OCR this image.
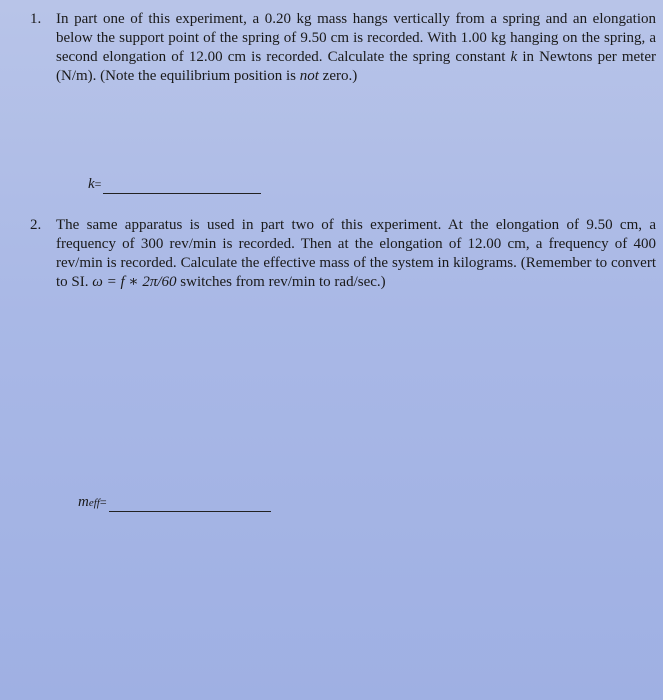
1. In part one of this experiment, a 0.20 kg mass hangs vertically from a spring and an elongation below the support point of the spring of 9.50 cm is recorded. With 1.00 kg hanging on the spring, a second elongation of 12.00 cm is recorded. Calculate the spring constant k in Newtons per meter (N/m). (Note the equilibrium position is not zero.)
k=
2. The same apparatus is used in part two of this experiment. At the elongation of 9.50 cm, a frequency of 300 rev/min is recorded. Then at the elongation of 12.00 cm, a frequency of 400 rev/min is recorded. Calculate the effective mass of the system in kilograms. (Remember to convert to SI. ω = f ∗ 2π/60 switches from rev/min to rad/sec.)
meff=
